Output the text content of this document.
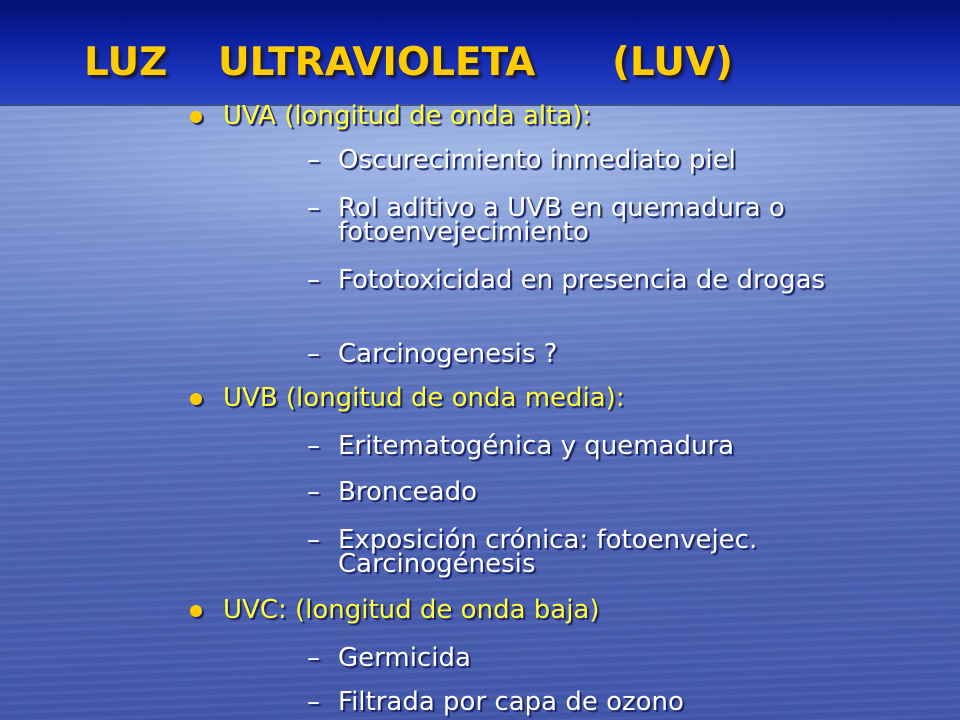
LUZ ULTRAVIOLETA (LUV)
UVA (longitud de onda alta):
– Oscurecimiento inmediato piel
– Rol aditivo a UVB en quemadura o fotoenvejecimiento
– Fototoxicidad en presencia de drogas
– Carcinogenesis ?
UVB (longitud de onda media):
– Eritematogénica y quemadura
– Bronceado
– Exposición crónica: fotoenvejec. Carcinogénesis
UVC: (longitud de onda baja)
– Germicida
– Filtrada por capa de ozono
